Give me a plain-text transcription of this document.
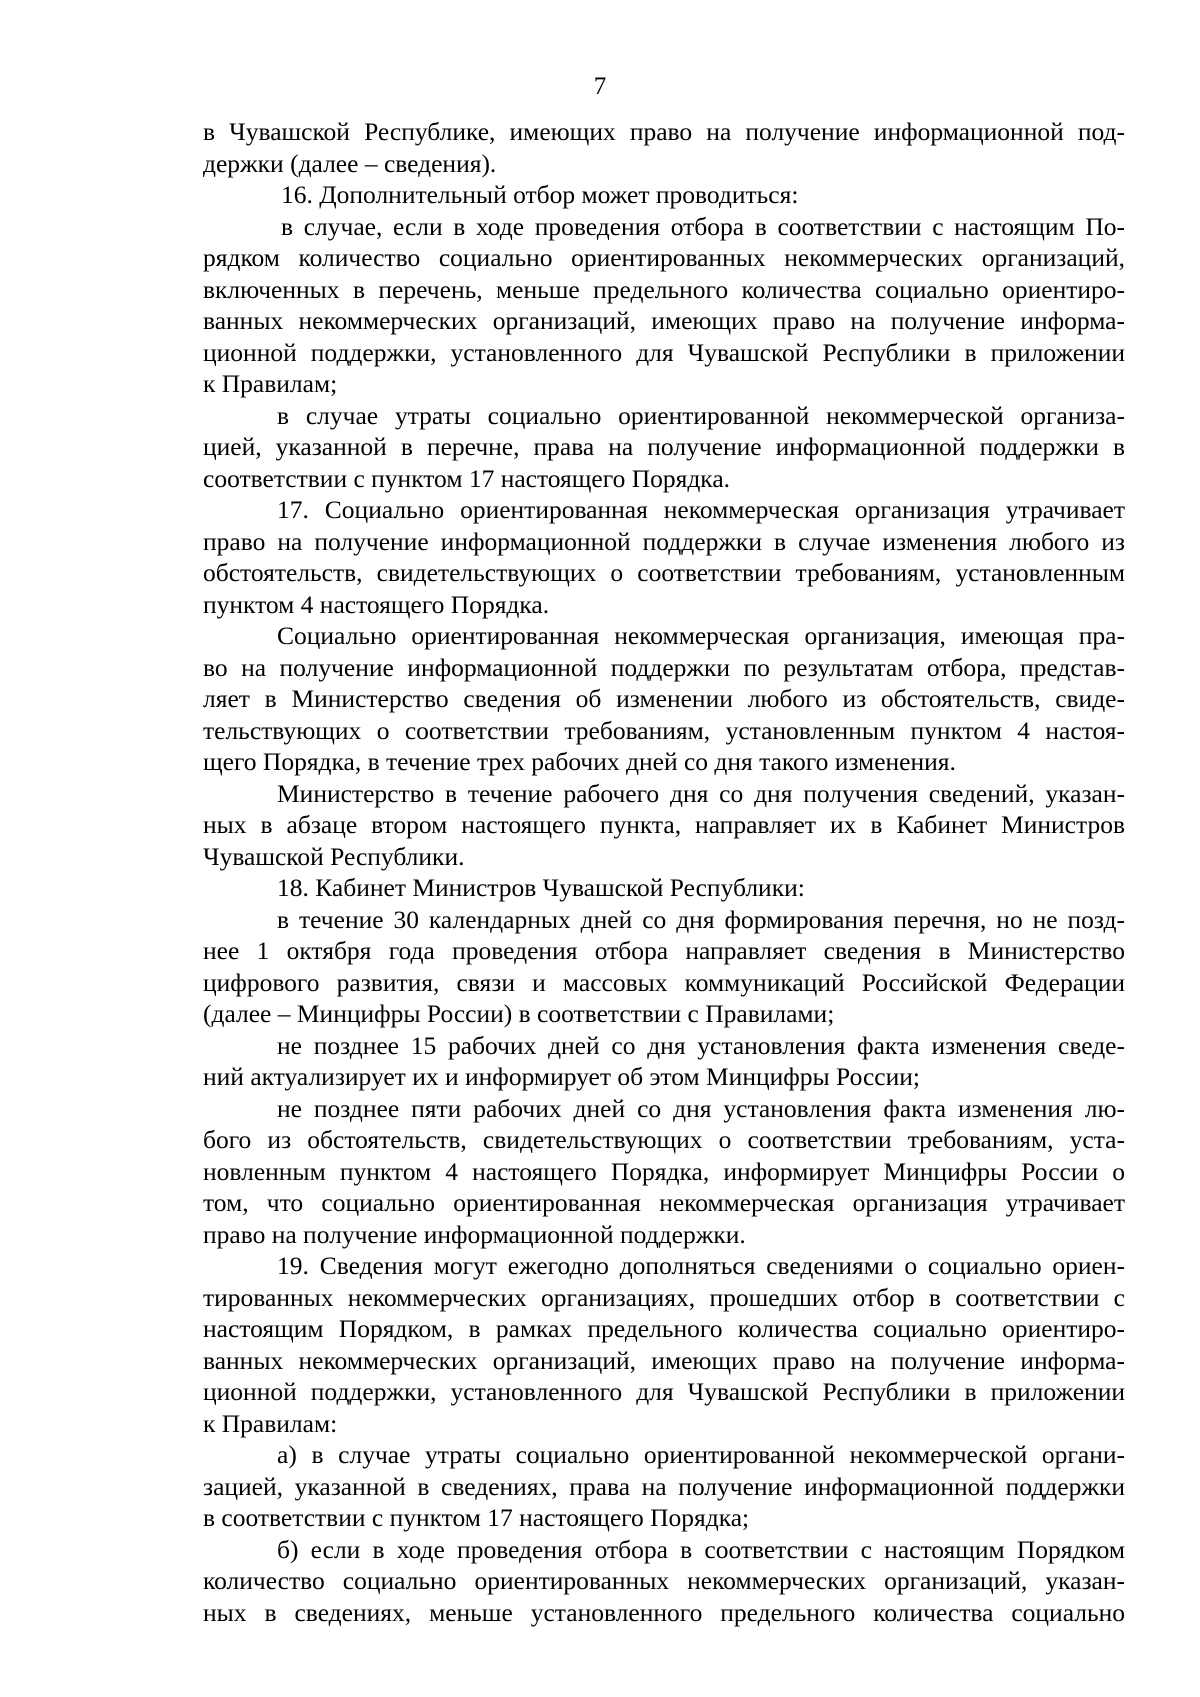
7
в Чувашской Республике, имеющих право на получение информационной под-
держки (далее – сведения).
16. Дополнительный отбор может проводиться:
в случае, если в ходе проведения отбора в соответствии с настоящим По-
рядком количество социально ориентированных некоммерческих организаций,
включенных в перечень, меньше предельного количества социально ориентиро-
ванных некоммерческих организаций, имеющих право на получение информа-
ционной поддержки, установленного для Чувашской Республики в приложении
к Правилам;
в случае утраты социально ориентированной некоммерческой организа-
цией, указанной в перечне, права на получение информационной поддержки в
соответствии с пунктом 17 настоящего Порядка.
17. Социально ориентированная некоммерческая организация утрачивает
право на получение информационной поддержки в случае изменения любого из
обстоятельств, свидетельствующих о соответствии требованиям, установленным
пунктом 4 настоящего Порядка.
Социально ориентированная некоммерческая организация, имеющая пра-
во на получение информационной поддержки по результатам отбора, представ-
ляет в Министерство сведения об изменении любого из обстоятельств, свиде-
тельствующих о соответствии требованиям, установленным пунктом 4 настоя-
щего Порядка, в течение трех рабочих дней со дня такого изменения.
Министерство в течение рабочего дня со дня получения сведений, указан-
ных в абзаце втором настоящего пункта, направляет их в Кабинет Министров
Чувашской Республики.
18. Кабинет Министров Чувашской Республики:
в течение 30 календарных дней со дня формирования перечня, но не позд-
нее 1 октября года проведения отбора направляет сведения в Министерство
цифрового развития, связи и массовых коммуникаций Российской Федерации
(далее – Минцифры России) в соответствии с Правилами;
не позднее 15 рабочих дней со дня установления факта изменения сведе-
ний актуализирует их и информирует об этом Минцифры России;
не позднее пяти рабочих дней со дня установления факта изменения лю-
бого из обстоятельств, свидетельствующих о соответствии требованиям, уста-
новленным пунктом 4 настоящего Порядка, информирует Минцифры России о
том, что социально ориентированная некоммерческая организация утрачивает
право на получение информационной поддержки.
19. Сведения могут ежегодно дополняться сведениями о социально ориен-
тированных некоммерческих организациях, прошедших отбор в соответствии с
настоящим Порядком, в рамках предельного количества социально ориентиро-
ванных некоммерческих организаций, имеющих право на получение информа-
ционной поддержки, установленного для Чувашской Республики в приложении
к Правилам:
а) в случае утраты социально ориентированной некоммерческой органи-
зацией, указанной в сведениях, права на получение информационной поддержки
в соответствии с пунктом 17 настоящего Порядка;
б) если в ходе проведения отбора в соответствии с настоящим Порядком
количество социально ориентированных некоммерческих организаций, указан-
ных в сведениях, меньше установленного предельного количества социально
